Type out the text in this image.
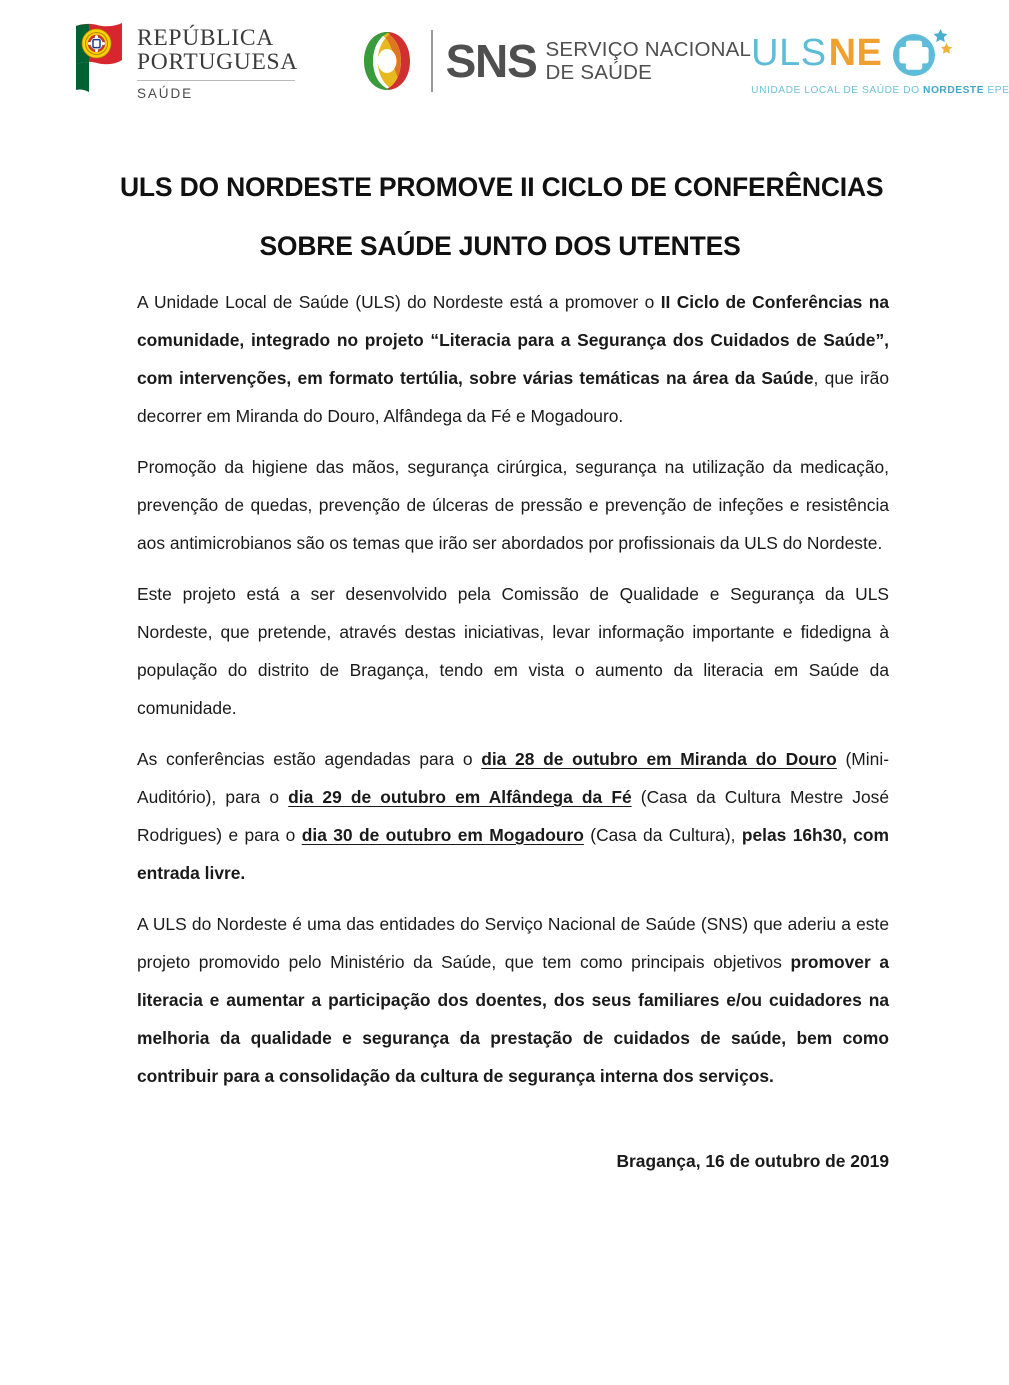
REPÚBLICA
PORTUGUESA
SAÚDE
SNS SERVIÇO NACIONAL
DE SAÚDE	ULS NE
UNIDADE LOCAL DE SAÚDE DO NORDESTE EPE
ULS DO NORDESTE PROMOVE II CICLO DE CONFERÊNCIAS
SOBRE SAÚDE JUNTO DOS UTENTES

A Unidade Local de Saúde (ULS) do Nordeste está a promover o II Ciclo de Conferências na comunidade, integrado no projeto “Literacia para a Segurança dos Cuidados de Saúde”, com intervenções, em formato tertúlia, sobre várias temáticas na área da Saúde, que irão decorrer em Miranda do Douro, Alfândega da Fé e Mogadouro.

Promoção da higiene das mãos, segurança cirúrgica, segurança na utilização da medicação, prevenção de quedas, prevenção de úlceras de pressão e prevenção de infeções e resistência aos antimicrobianos são os temas que irão ser abordados por profissionais da ULS do Nordeste.

Este projeto está a ser desenvolvido pela Comissão de Qualidade e Segurança da ULS Nordeste, que pretende, através destas iniciativas, levar informação importante e fidedigna à população do distrito de Bragança, tendo em vista o aumento da literacia em Saúde da comunidade.

As conferências estão agendadas para o dia 28 de outubro em Miranda do Douro (Mini-Auditório), para o dia 29 de outubro em Alfândega da Fé (Casa da Cultura Mestre José Rodrigues) e para o dia 30 de outubro em Mogadouro (Casa da Cultura), pelas 16h30, com entrada livre.

A ULS do Nordeste é uma das entidades do Serviço Nacional de Saúde (SNS) que aderiu a este projeto promovido pelo Ministério da Saúde, que tem como principais objetivos promover a literacia e aumentar a participação dos doentes, dos seus familiares e/ou cuidadores na melhoria da qualidade e segurança da prestação de cuidados de saúde, bem como contribuir para a consolidação da cultura de segurança interna dos serviços.

Bragança, 16 de outubro de 2019
